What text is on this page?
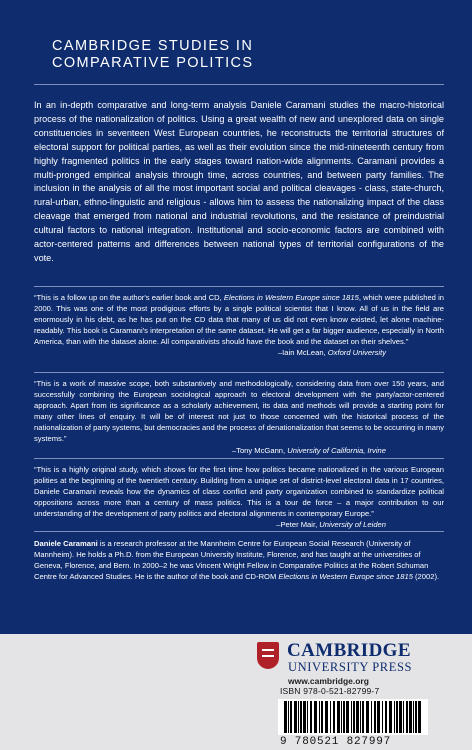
CAMBRIDGE STUDIES IN
COMPARATIVE POLITICS
In an in-depth comparative and long-term analysis Daniele Caramani studies the macro-historical process of the nationalization of politics. Using a great wealth of new and unexplored data on single constituencies in seventeen West European countries, he reconstructs the territorial structures of electoral support for political parties, as well as their evolution since the mid-nineteenth century from highly fragmented politics in the early stages toward nation-wide alignments. Caramani provides a multi-pronged empirical analysis through time, across countries, and between party families. The inclusion in the analysis of all the most important social and political cleavages - class, state-church, rural-urban, ethno-linguistic and religious - allows him to assess the nationalizing impact of the class cleavage that emerged from national and industrial revolutions, and the resistance of preindustrial cultural factors to national integration. Institutional and socio-economic factors are combined with actor-centered patterns and differences between national types of territorial configurations of the vote.
“This is a follow up on the author's earlier book and CD, Elections in Western Europe since 1815, which were published in 2000. This was one of the most prodigious efforts by a single political scientist that I know. All of us in the field are enormously in his debt, as he has put on the CD data that many of us did not even know existed, let alone machine-readably. This book is Caramani's interpretation of the same dataset. He will get a far bigger audience, especially in North America, than with the dataset alone. All comparativists should have the book and the dataset on their shelves.”
–Iain McLean, Oxford University
“This is a work of massive scope, both substantively and methodologically, considering data from over 150 years, and successfully combining the European sociological approach to electoral development with the party/actor-centered approach. Apart from its significance as a scholarly achievement, its data and methods will provide a starting point for many other lines of enquiry. It will be of interest not just to those concerned with the historical process of the nationalization of party systems, but democracies and the process of denationalization that seems to be occurring in many systems.”
–Tony McGann, University of California, Irvine
“This is a highly original study, which shows for the first time how politics became nationalized in the various European polities at the beginning of the twentieth century. Building from a unique set of district-level electoral data in 17 countries, Daniele Caramani reveals how the dynamics of class conflict and party organization combined to standardize political oppositions across more than a century of mass politics. This is a tour de force – a major contribution to our understanding of the development of party politics and electoral alignments in contemporary Europe.”
–Peter Mair, University of Leiden
Daniele Caramani is a research professor at the Mannheim Centre for European Social Research (University of Mannheim). He holds a Ph.D. from the European University Institute, Florence, and has taught at the universities of Geneva, Florence, and Bern. In 2000–2 he was Vincent Wright Fellow in Comparative Politics at the Robert Schuman Centre for Advanced Studies. He is the author of the book and CD-ROM Elections in Western Europe since 1815 (2002).
CAMBRIDGE
UNIVERSITY PRESS
www.cambridge.org
ISBN 978-0-521-82799-7
9 780521 827997
